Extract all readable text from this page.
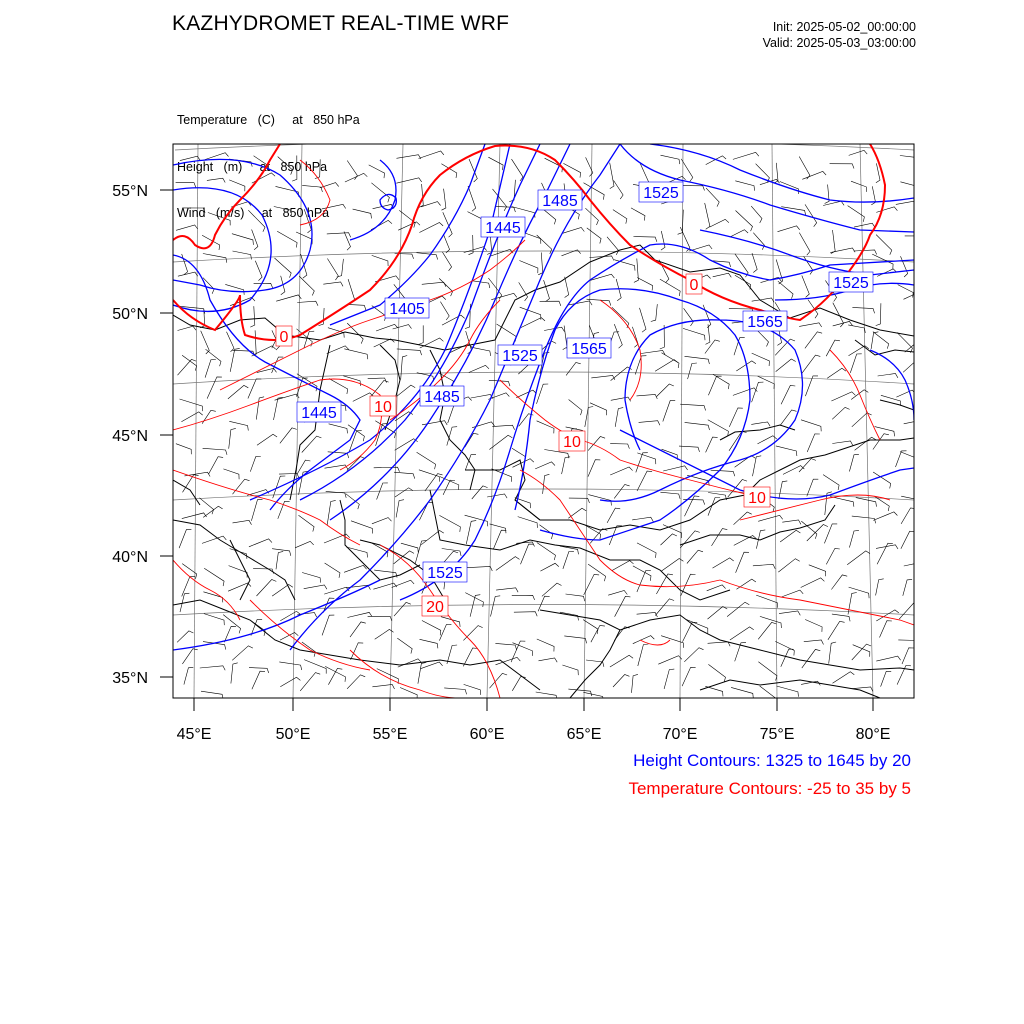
KAZHYDROMET REAL-TIME WRF	Init: 2025-05-02_00:00:00
Valid: 2025-05-03_03:00:00

Temperature   (C)     at   850 hPa

Height   (m)     at   850 hPa

Wind   (m/s)     at   850 hPa

55°N
50°N
45°N
40°N
35°N
45°E	50°E	55°E	60°E	65°E	70°E	75°E	80°E
1485	1525
1445
1525
1405
1525 1565
1565
1485
1445
1525
0
0
10
10
10
20
Height Contours: 1325 to 1645 by 20
Temperature Contours: -25 to 35 by 5
